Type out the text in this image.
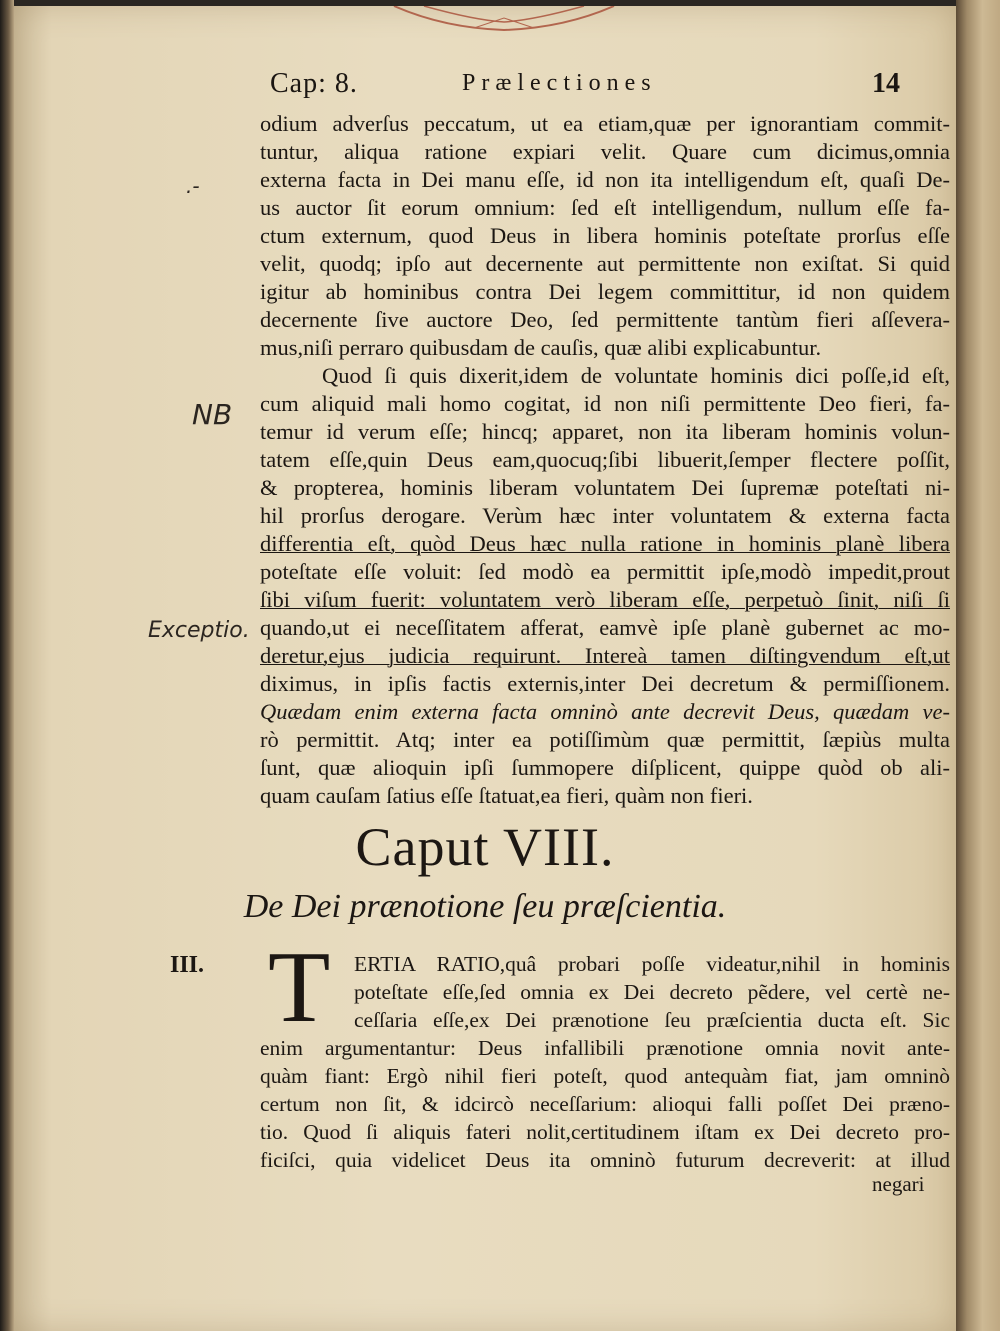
Cap: 8.	Prælectiones	14
.-
NB
Exceptio.
odium adverſus peccatum, ut ea etiam,quæ per ignorantiam commit-
tuntur, aliqua ratione expiari velit. Quare cum dicimus,omnia
externa facta in Dei manu eſſe, id non ita intelligendum eſt, quaſi De-
us auctor ſit eorum omnium: ſed eſt intelligendum, nullum eſſe fa-
ctum externum, quod Deus in libera hominis poteſtate prorſus eſſe
velit, quodq; ipſo aut decernente aut permittente non exiſtat. Si quid
igitur ab hominibus contra Dei legem committitur, id non quidem
decernente ſive auctore Deo, ſed permittente tantùm fieri aſſevera-
mus,niſi perraro quibusdam de cauſis, quæ alibi explicabuntur.
Quod ſi quis dixerit,idem de voluntate hominis dici poſſe,id eſt,
cum aliquid mali homo cogitat, id non niſi permittente Deo fieri, fa-
temur id verum eſſe; hincq; apparet, non ita liberam hominis volun-
tatem eſſe,quin Deus eam,quocuq;ſibi libuerit,ſemper flectere poſſit,
& propterea, hominis liberam voluntatem Dei ſupremæ poteſtati ni-
hil prorſus derogare. Verùm hæc inter voluntatem & externa facta
differentia eſt, quòd Deus hæc nulla ratione in hominis planè libera
poteſtate eſſe voluit: ſed modò ea permittit ipſe,modò impedit,prout
ſibi viſum fuerit: voluntatem verò liberam eſſe, perpetuò ſinit, niſi ſi
quando,ut ei neceſſitatem afferat, eamvè ipſe planè gubernet ac mo-
deretur,ejus judicia requirunt. Intereà tamen diſtingvendum eſt,ut
diximus, in ipſis factis externis,inter Dei decretum & permiſſionem.
Quædam enim externa facta omninò ante decrevit Deus, quædam ve-
rò permittit. Atq; inter ea potiſſimùm quæ permittit, ſæpiùs multa
ſunt, quæ alioquin ipſi ſummopere diſplicent, quippe quòd ob ali-
quam cauſam ſatius eſſe ſtatuat,ea fieri, quàm non fieri.
Caput VIII.
De Dei prænotione ſeu præſcientia.
III. T ERTIA RATIO,quâ probari poſſe videatur,nihil in hominis
poteſtate eſſe,ſed omnia ex Dei decreto pẽdere, vel certè ne-
ceſſaria eſſe,ex Dei prænotione ſeu præſcientia ducta eſt. Sic
enim argumentantur: Deus infallibili prænotione omnia novit ante-
quàm fiant: Ergò nihil fieri poteſt, quod antequàm fiat, jam omninò
certum non ſit, & idcircò neceſſarium: alioqui falli poſſet Dei præno-
tio. Quod ſi aliquis fateri nolit,certitudinem iſtam ex Dei decreto pro-
ficiſci, quia videlicet Deus ita omninò futurum decreverit: at illud
negari
